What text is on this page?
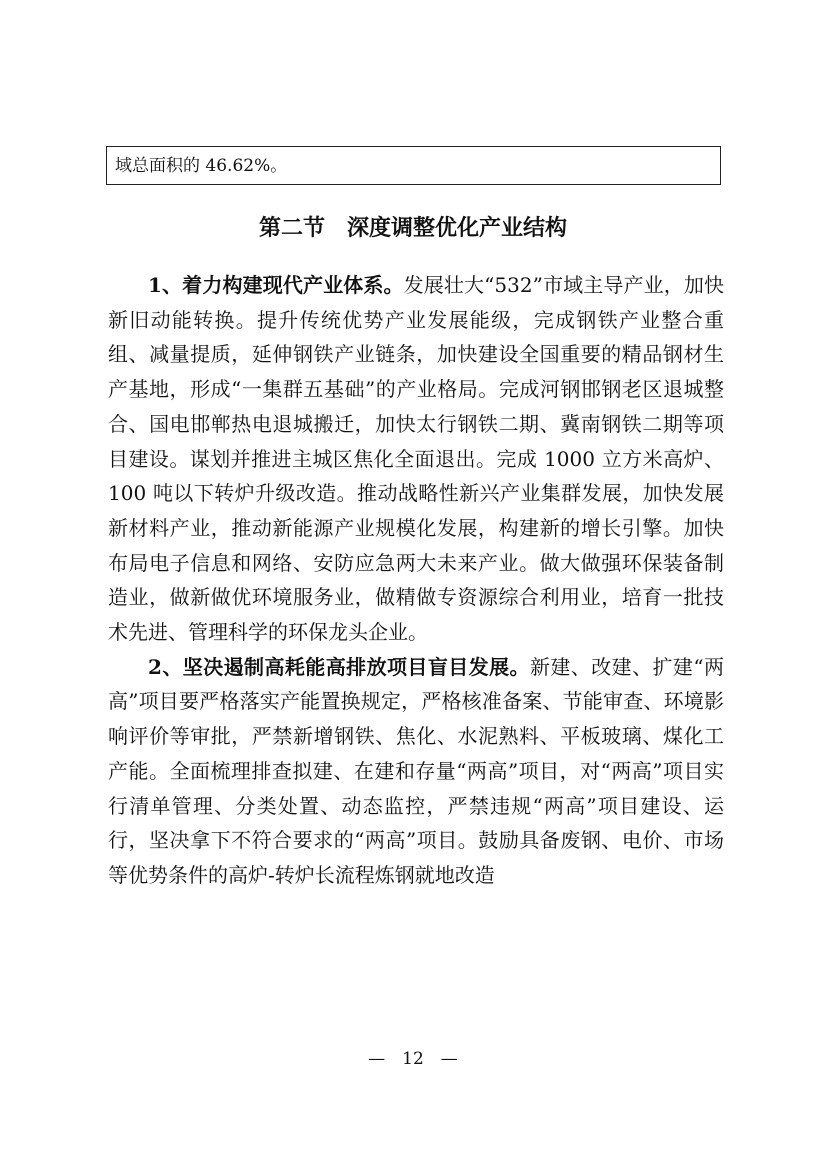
域总面积的 46.62%。
第二节　深度调整优化产业结构

1、着力构建现代产业体系。发展壮大“532”市域主导产业，加快新旧动能转换。提升传统优势产业发展能级，完成钢铁产业整合重组、减量提质，延伸钢铁产业链条，加快建设全国重要的精品钢材生产基地，形成“一集群五基础”的产业格局。完成河钢邯钢老区退城整合、国电邯郸热电退城搬迁，加快太行钢铁二期、冀南钢铁二期等项目建设。谋划并推进主城区焦化全面退出。完成 1000 立方米高炉、100 吨以下转炉升级改造。推动战略性新兴产业集群发展，加快发展新材料产业，推动新能源产业规模化发展，构建新的增长引擎。加快布局电子信息和网络、安防应急两大未来产业。做大做强环保装备制造业，做新做优环境服务业，做精做专资源综合利用业，培育一批技术先进、管理科学的环保龙头企业。

2、坚决遏制高耗能高排放项目盲目发展。新建、改建、扩建“两高”项目要严格落实产能置换规定，严格核准备案、节能审查、环境影响评价等审批，严禁新增钢铁、焦化、水泥熟料、平板玻璃、煤化工产能。全面梳理排查拟建、在建和存量“两高”项目，对“两高”项目实行清单管理、分类处置、动态监控，严禁违规“两高”项目建设、运行，坚决拿下不符合要求的“两高”项目。鼓励具备废钢、电价、市场等优势条件的高炉-转炉长流程炼钢就地改造

—　12　—
